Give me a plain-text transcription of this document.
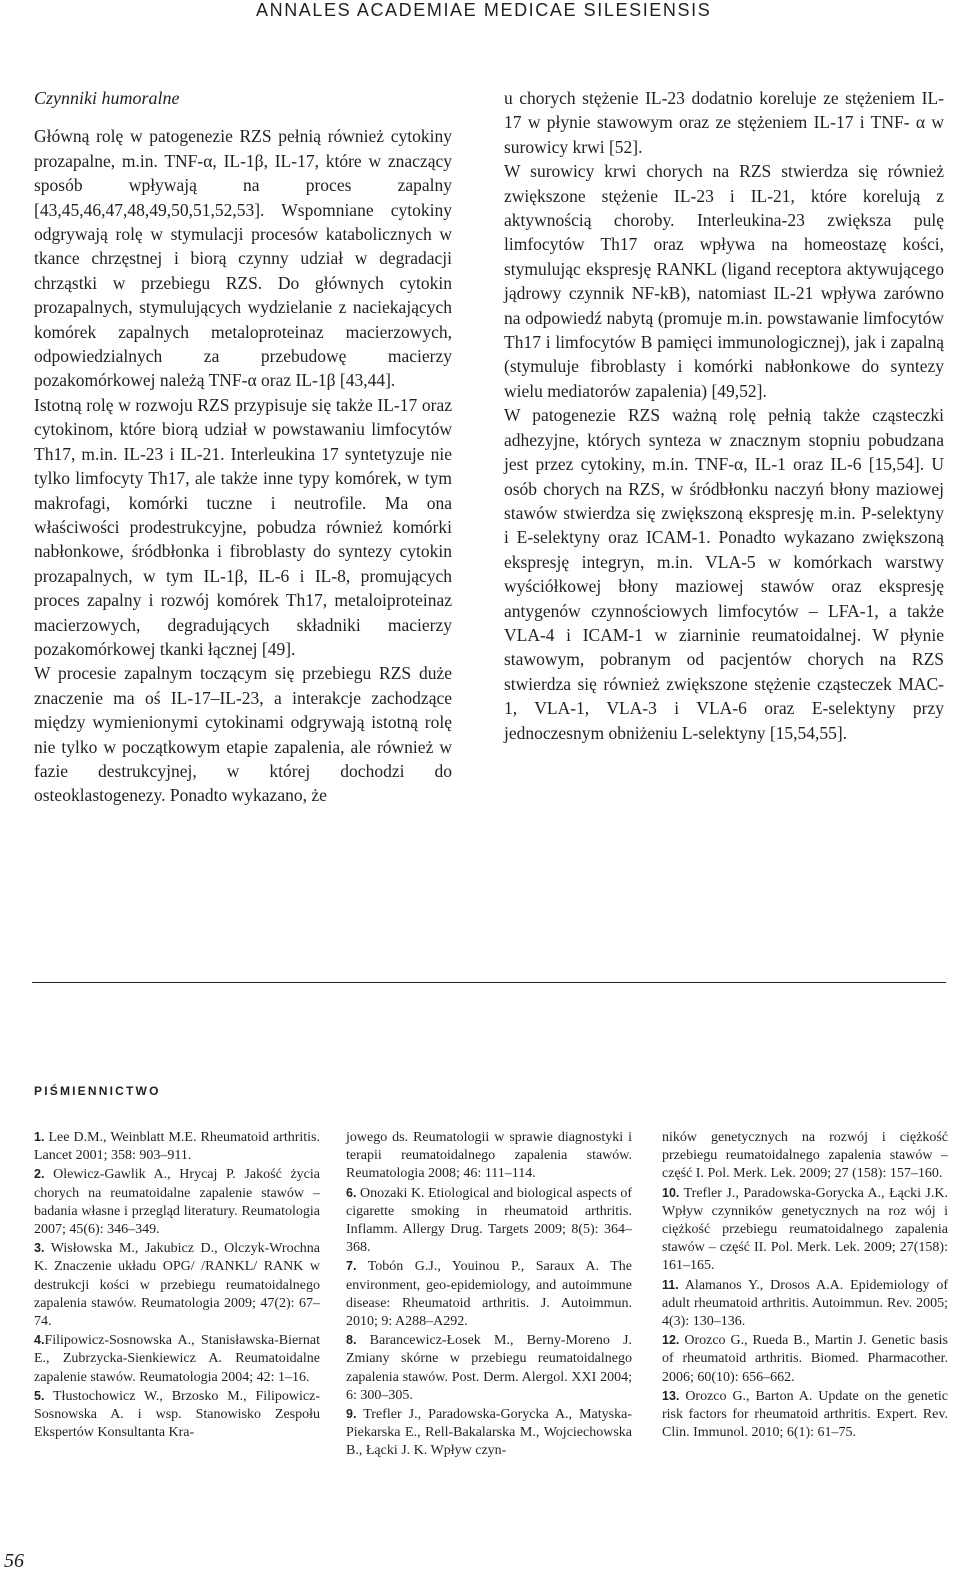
ANNALES ACADEMIAE MEDICAE SILESIENSIS
Czynniki humoralne

Główną rolę w patogenezie RZS pełnią również cytokiny prozapalne, m.in. TNF-α, IL-1β, IL-17, które w znaczący sposób wpływają na proces zapalny [43,45,46,47,48,49,50,51,52,53]. Wspomniane cytokiny odgrywają rolę w stymulacji procesów katabolicznych w tkance chrzęstnej i biorą czynny udział w degradacji chrząstki w przebiegu RZS. Do głównych cytokin prozapalnych, stymulujących wydzielanie z naciekających komórek zapalnych metaloproteinaz macierzowych, odpowiedzialnych za przebudowę macierzy pozakomórkowej należą TNF-α oraz IL-1β [43,44].

Istotną rolę w rozwoju RZS przypisuje się także IL-17 oraz cytokinom, które biorą udział w powstawaniu limfocytów Th17, m.in. IL-23 i IL-21. Interleukina 17 syntetyzuje nie tylko limfocyty Th17, ale także inne typy komórek, w tym makrofagi, komórki tuczne i neutrofile. Ma ona właściwości prodestrukcyjne, pobudza również komórki nabłonkowe, śródbłonka i fibroblasty do syntezy cytokin prozapalnych, w tym IL-1β, IL-6 i IL-8, promujących proces zapalny i rozwój komórek Th17, metaloiproteinaz macierzowych, degradujących składniki macierzy pozakomórkowej tkanki łącznej [49].

W procesie zapalnym toczącym się przebiegu RZS duże znaczenie ma oś IL-17–IL-23, a interakcje zachodzące między wymienionymi cytokinami odgrywają istotną rolę nie tylko w początkowym etapie zapalenia, ale również w fazie destrukcyjnej, w której dochodzi do osteoklastogenezy. Ponadto wykazano, że

u chorych stężenie IL-23 dodatnio koreluje ze stężeniem IL-17 w płynie stawowym oraz ze stężeniem IL-17 i TNF- α w surowicy krwi [52].

W surowicy krwi chorych na RZS stwierdza się również zwiększone stężenie IL-23 i IL-21, które korelują z aktywnością choroby. Interleukina-23 zwiększa pulę limfocytów Th17 oraz wpływa na homeostazę kości, stymulując ekspresję RANKL (ligand receptora aktywującego jądrowy czynnik NF-kB), natomiast IL-21 wpływa zarówno na odpowiedź nabytą (promuje m.in. powstawanie limfocytów Th17 i limfocytów B pamięci immunologicznej), jak i zapalną (stymuluje fibroblasty i komórki nabłonkowe do syntezy wielu mediatorów zapalenia) [49,52].

W patogenezie RZS ważną rolę pełnią także cząsteczki adhezyjne, których synteza w znacznym stopniu pobudzana jest przez cytokiny, m.in. TNF-α, IL-1 oraz IL-6 [15,54]. U osób chorych na RZS, w śródbłonku naczyń błony maziowej stawów stwierdza się zwiększoną ekspresję m.in. P-selektyny i E-selektyny oraz ICAM-1. Ponadto wykazano zwiększoną ekspresję integryn, m.in. VLA-5 w komórkach warstwy wyściółkowej błony maziowej stawów oraz ekspresję antygenów czynnościowych limfocytów – LFA-1, a także VLA-4 i ICAM-1 w ziarninie reumatoidalnej. W płynie stawowym, pobranym od pacjentów chorych na RZS stwierdza się również zwiększone stężenie cząsteczek MAC-1, VLA-1, VLA-3 i VLA-6 oraz E-selektyny przy jednoczesnym obniżeniu L-selektyny [15,54,55].

PIŚMIENNICTWO

1. Lee D.M., Weinblatt M.E. Rheumatoid arthritis. Lancet 2001; 358: 903–911.

2. Olewicz-Gawlik A., Hrycaj P. Jakość życia chorych na reumatoidalne zapalenie stawów – badania własne i przegląd literatury. Reumatologia 2007; 45(6): 346–349.

3. Wisłowska M., Jakubicz D., Olczyk-Wrochna K. Znaczenie układu OPG/ /RANKL/ RANK w destrukcji kości w przebiegu reumatoidalnego zapalenia stawów. Reumatologia 2009; 47(2): 67–74.

4.Filipowicz-Sosnowska A., Stanisławska-Biernat E., Zubrzycka-Sienkiewicz A. Reumatoidalne zapalenie stawów. Reumatologia 2004; 42: 1–16.

5. Tłustochowicz W., Brzosko M., Filipowicz-Sosnowska A. i wsp. Stanowisko Zespołu Ekspertów Konsultanta Kra-

jowego ds. Reumatologii w sprawie diagnostyki i terapii reumatoidalnego zapalenia stawów. Reumatologia 2008; 46: 111–114.

6. Onozaki K. Etiological and biological aspects of cigarette smoking in rheumatoid arthritis. Inflamm. Allergy Drug. Targets 2009; 8(5): 364–368.

7. Tobón G.J., Youinou P., Saraux A. The environment, geo-epidemiology, and autoimmune disease: Rheumatoid arthritis. J. Autoimmun. 2010; 9: A288–A292.

8. Barancewicz-Łosek M., Berny-Moreno J. Zmiany skórne w przebiegu reumatoidalnego zapalenia stawów. Post. Derm. Alergol. XXI 2004; 6: 300–305.

9. Trefler J., Paradowska-Gorycka A., Matyska-Piekarska E., Rell-Bakalarska M., Wojciechowska B., Łącki J. K. Wpływ czyn-

ników genetycznych na rozwój i ciężkość przebiegu reumatoidalnego zapalenia stawów – część I. Pol. Merk. Lek. 2009; 27 (158): 157–160.

10. Trefler J., Paradowska-Gorycka A., Łącki J.K. Wpływ czynników genetycznych na roz wój i ciężkość przebiegu reumatoidalnego zapalenia stawów – część II. Pol. Merk. Lek. 2009; 27(158): 161–165.

11. Alamanos Y., Drosos A.A. Epidemiology of adult rheumatoid arthritis. Autoimmun. Rev. 2005; 4(3): 130–136.

12. Orozco G., Rueda B., Martin J. Genetic basis of rheumatoid arthritis. Biomed. Pharmacother. 2006; 60(10): 656–662.

13. Orozco G., Barton A. Update on the genetic risk factors for rheumatoid arthritis. Expert. Rev. Clin. Immunol. 2010; 6(1): 61–75.

56
